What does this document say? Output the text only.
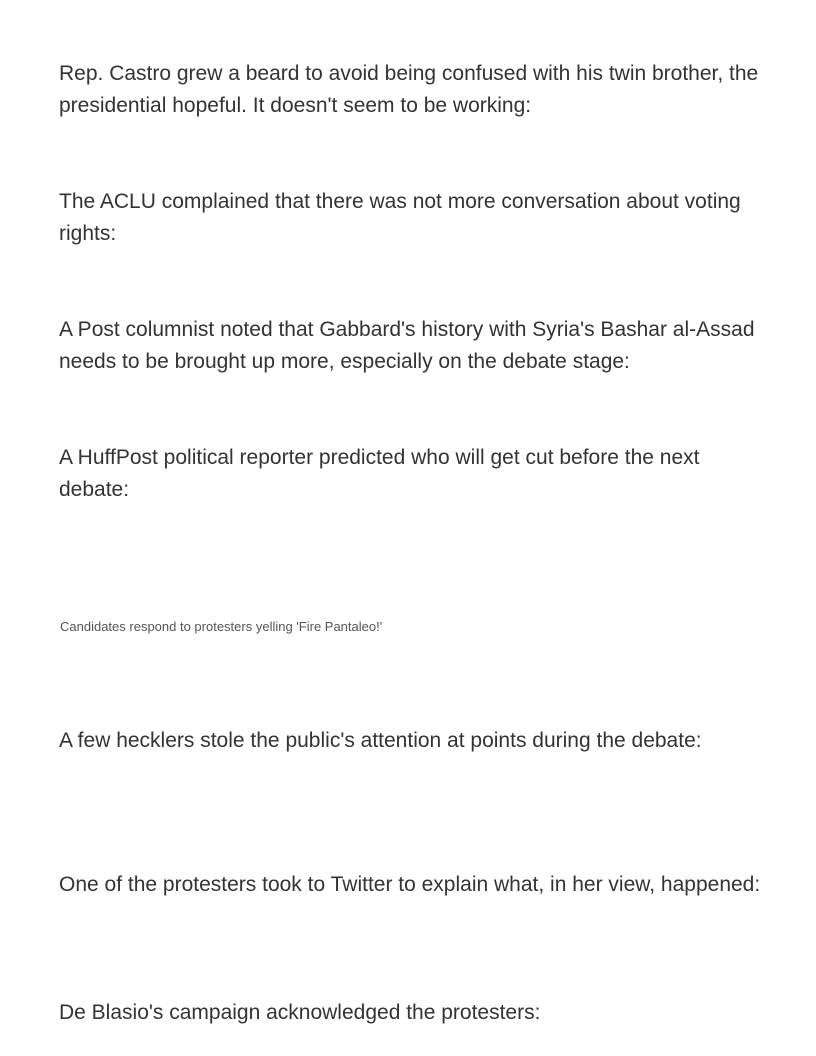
Rep. Castro grew a beard to avoid being confused with his twin brother, the presidential hopeful. It doesn't seem to be working:

The ACLU complained that there was not more conversation about voting rights:

A Post columnist noted that Gabbard's history with Syria's Bashar al-Assad needs to be brought up more, especially on the debate stage:

A HuffPost political reporter predicted who will get cut before the next debate:

Candidates respond to protesters yelling 'Fire Pantaleo!'

A few hecklers stole the public's attention at points during the debate:

One of the protesters took to Twitter to explain what, in her view, happened:

De Blasio's campaign acknowledged the protesters:
